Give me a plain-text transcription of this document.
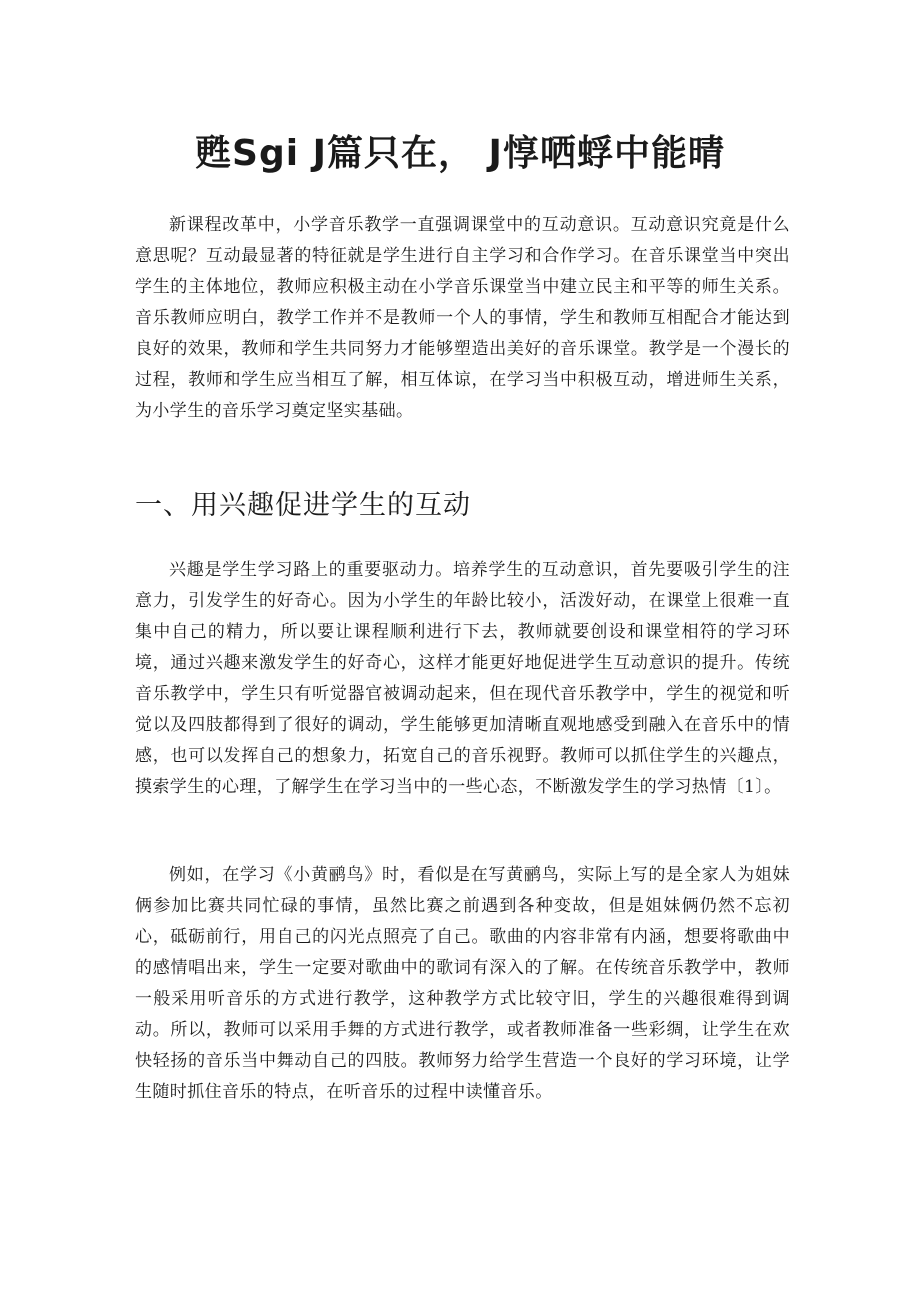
甦Sgi J篇只在， J惇哂蜉中能晴

新课程改革中，小学音乐教学一直强调课堂中的互动意识。互动意识究竟是什么意思呢？互动最显著的特征就是学生进行自主学习和合作学习。在音乐课堂当中突出学生的主体地位，教师应积极主动在小学音乐课堂当中建立民主和平等的师生关系。音乐教师应明白，教学工作并不是教师一个人的事情，学生和教师互相配合才能达到良好的效果，教师和学生共同努力才能够塑造出美好的音乐课堂。教学是一个漫长的过程，教师和学生应当相互了解，相互体谅，在学习当中积极互动，增进师生关系，为小学生的音乐学习奠定坚实基础。

一、用兴趣促进学生的互动

兴趣是学生学习路上的重要驱动力。培养学生的互动意识，首先要吸引学生的注意力，引发学生的好奇心。因为小学生的年龄比较小，活泼好动，在课堂上很难一直集中自己的精力，所以要让课程顺利进行下去，教师就要创设和课堂相符的学习环境，通过兴趣来激发学生的好奇心，这样才能更好地促进学生互动意识的提升。传统音乐教学中，学生只有听觉器官被调动起来，但在现代音乐教学中，学生的视觉和听觉以及四肢都得到了很好的调动，学生能够更加清晰直观地感受到融入在音乐中的情感，也可以发挥自己的想象力，拓宽自己的音乐视野。教师可以抓住学生的兴趣点，摸索学生的心理，了解学生在学习当中的一些心态，不断激发学生的学习热情〔1〕。

例如，在学习《小黄鹂鸟》时，看似是在写黄鹂鸟，实际上写的是全家人为姐妹俩参加比赛共同忙碌的事情，虽然比赛之前遇到各种变故，但是姐妹俩仍然不忘初心，砥砺前行，用自己的闪光点照亮了自己。歌曲的内容非常有内涵，想要将歌曲中的感情唱出来，学生一定要对歌曲中的歌词有深入的了解。在传统音乐教学中，教师一般采用听音乐的方式进行教学，这种教学方式比较守旧，学生的兴趣很难得到调动。所以，教师可以采用手舞的方式进行教学，或者教师准备一些彩绸，让学生在欢快轻扬的音乐当中舞动自己的四肢。教师努力给学生营造一个良好的学习环境，让学生随时抓住音乐的特点，在听音乐的过程中读懂音乐。
